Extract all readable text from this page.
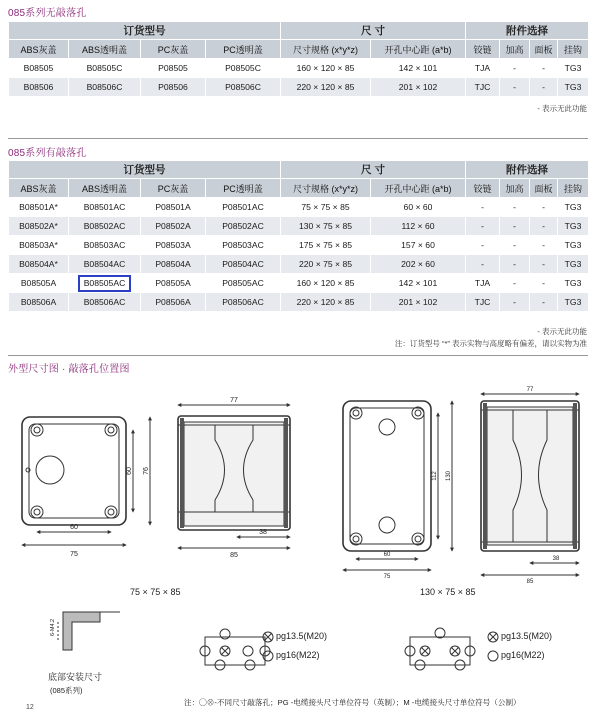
085系列无敲落孔
订货型号				尺 寸		附件选择			
ABS灰盖	ABS透明盖	PC灰盖	PC透明盖	尺寸规格 (x*y*z)	开孔中心距 (a*b)	铰链	加高	面板	挂钩
B08505	B08505C	P08505	P08505C	160 × 120 × 85	142 × 101	TJA	-	-	TG3
B08506	B08506C	P08506	P08506C	220 × 120 × 85	201 × 102	TJC	-	-	TG3
- 表示无此功能
085系列有敲落孔
订货型号				尺 寸		附件选择			
ABS灰盖	ABS透明盖	PC灰盖	PC透明盖	尺寸规格 (x*y*z)	开孔中心距 (a*b)	铰链	加高	面板	挂钩
B08501A*	B08501AC	P08501A	P08501AC	75 × 75 × 85	60 × 60	-	-	-	TG3
B08502A*	B08502AC	P08502A	P08502AC	130 × 75 × 85	112 × 60	-	-	-	TG3
B08503A*	B08503AC	P08503A	P08503AC	175 × 75 × 85	157 × 60	-	-	-	TG3
B08504A*	B08504AC	P08504A	P08504AC	220 × 75 × 85	202 × 60	-	-	-	TG3
B08505A	B08505AC	P08505A	P08505AC	160 × 120 × 85	142 × 101	TJA	-	-	TG3
B08506A	B08506AC	P08506A	P08506AC	220 × 120 × 85	201 × 102	TJC	-	-	TG3
- 表示无此功能
注：订货型号 “*” 表示实物与高度略有偏差，请以实物为准
外型尺寸图 · 敲落孔位置图
60
75
60 76
77
85
38
60
75
112 130
77
85
38
6-M4.2
75 × 75 × 85	130 × 75 × 85
底部安装尺寸
(085系列)
pg13.5(M20)
pg16(M22)
pg13.5(M20)
pg16(M22)
注：◯⊗-不同尺寸敲落孔；PG -电缆接头尺寸单位符号（英制）；M -电缆接头尺寸单位符号（公制）
12
